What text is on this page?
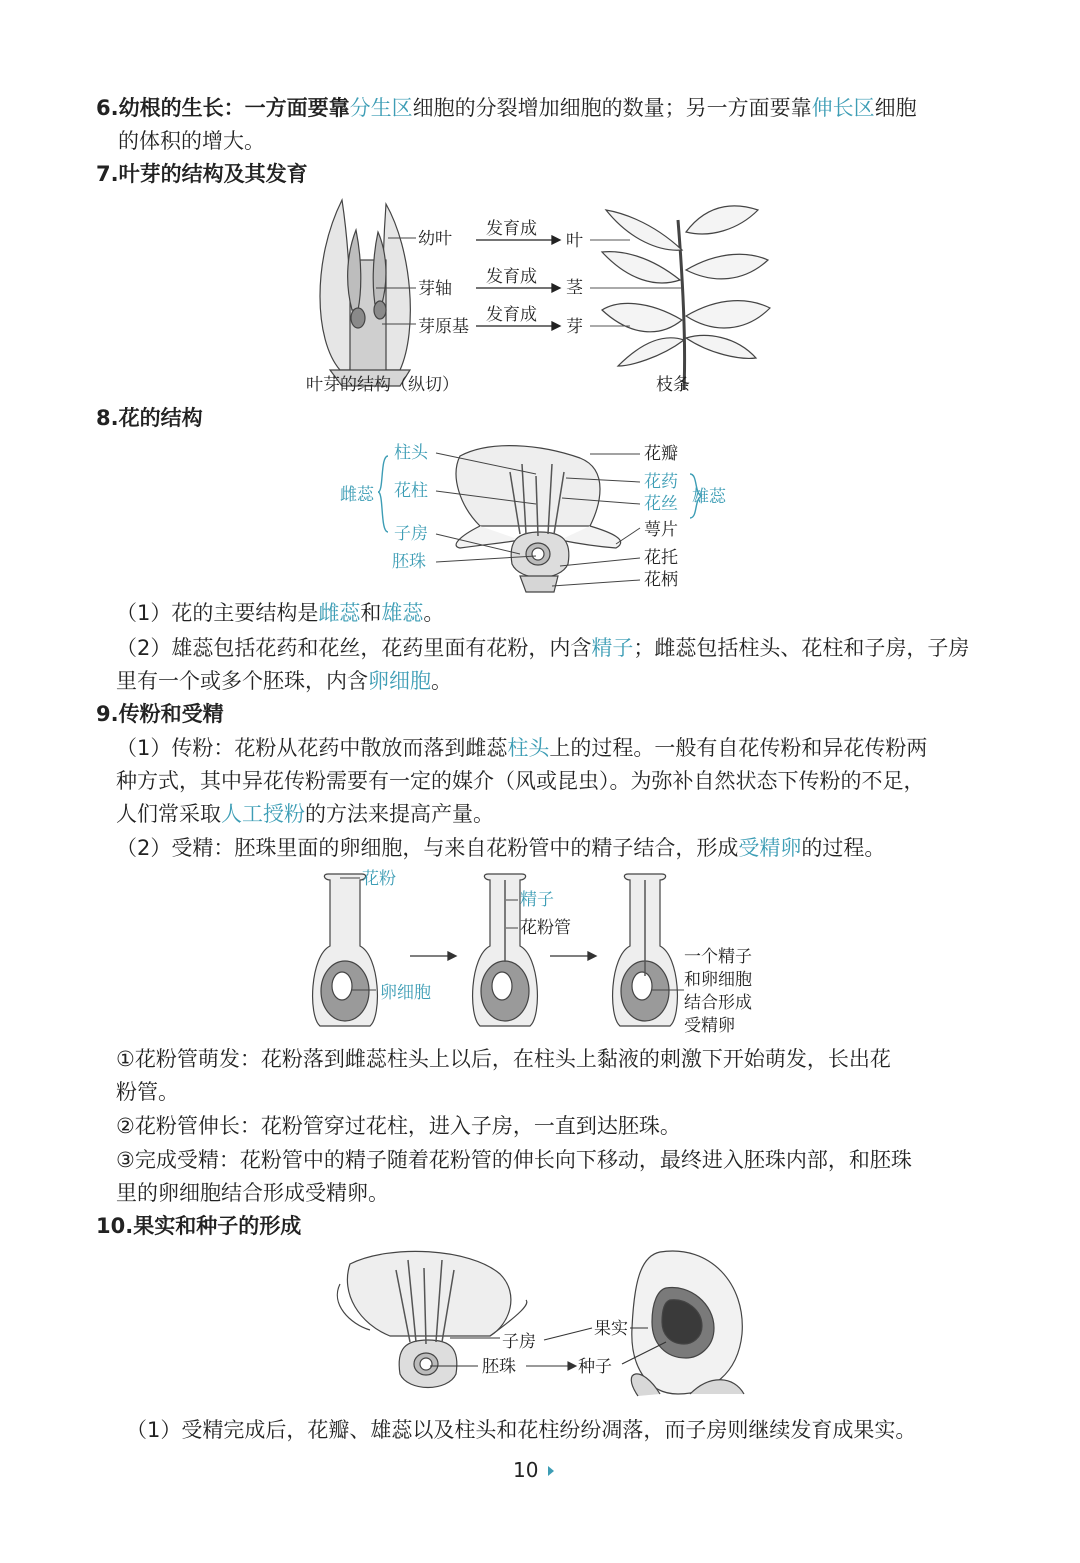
6.幼根的生长：一方面要靠分生区细胞的分裂增加细胞的数量；另一方面要靠伸长区细胞
的体积的增大。
7.叶芽的结构及其发育
幼叶
芽轴
芽原基
发育成
发育成
发育成
叶
茎
芽
叶芽的结构（纵切）	枝条
8.花的结构
雌蕊
柱头
花柱
子房
胚珠
花瓣
花药
花丝 雄蕊
萼片
花托
花柄
（1）花的主要结构是雌蕊和雄蕊。
（2）雄蕊包括花药和花丝，花药里面有花粉，内含精子；雌蕊包括柱头、花柱和子房，子房
里有一个或多个胚珠，内含卵细胞。
9.传粉和受精
（1）传粉：花粉从花药中散放而落到雌蕊柱头上的过程。一般有自花传粉和异花传粉两
种方式，其中异花传粉需要有一定的媒介（风或昆虫）。为弥补自然状态下传粉的不足，
人们常采取人工授粉的方法来提高产量。
（2）受精：胚珠里面的卵细胞，与来自花粉管中的精子结合，形成受精卵的过程。
花粉
卵细胞
精子
花粉管
一个精子
和卵细胞
结合形成
受精卵
①花粉管萌发：花粉落到雌蕊柱头上以后，在柱头上黏液的刺激下开始萌发，长出花
粉管。
②花粉管伸长：花粉管穿过花柱，进入子房，一直到达胚珠。
③完成受精：花粉管中的精子随着花粉管的伸长向下移动，最终进入胚珠内部，和胚珠
里的卵细胞结合形成受精卵。
10.果实和种子的形成
子房
胚珠
果实
种子
（1）受精完成后，花瓣、雄蕊以及柱头和花柱纷纷凋落，而子房则继续发育成果实。
10
